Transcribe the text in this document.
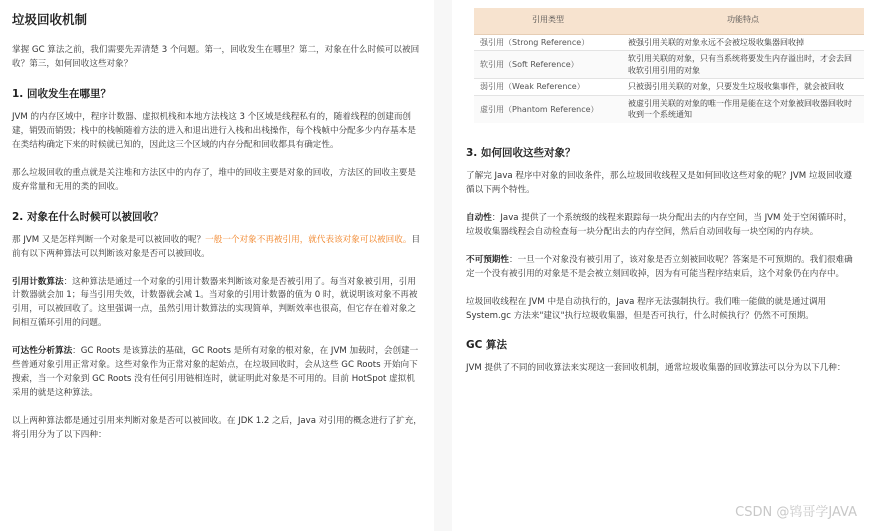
垃圾回收机制

掌握 GC 算法之前，我们需要先弄清楚 3 个问题。第一，回收发生在哪里？第二，对象在什么时候可以被回收？第三，如何回收这些对象？

1. 回收发生在哪里？

JVM 的内存区域中，程序计数器、虚拟机栈和本地方法栈这 3 个区域是线程私有的，随着线程的创建而创建，销毁而销毁；栈中的栈帧随着方法的进入和退出进行入栈和出栈操作，每个栈帧中分配多少内存基本是在类结构确定下来的时候就已知的，因此这三个区域的内存分配和回收都具有确定性。

那么垃圾回收的重点就是关注堆和方法区中的内存了，堆中的回收主要是对象的回收，方法区的回收主要是废弃常量和无用的类的回收。

2. 对象在什么时候可以被回收？

那 JVM 又是怎样判断一个对象是可以被回收的呢？一般一个对象不再被引用，就代表该对象可以被回收。目前有以下两种算法可以判断该对象是否可以被回收。

引用计数算法：这种算法是通过一个对象的引用计数器来判断该对象是否被引用了。每当对象被引用，引用计数器就会加 1；每当引用失效，计数器就会减 1。当对象的引用计数器的值为 0 时，就说明该对象不再被引用，可以被回收了。这里强调一点，虽然引用计数算法的实现简单，判断效率也很高，但它存在着对象之间相互循环引用的问题。

可达性分析算法：GC Roots 是该算法的基础，GC Roots 是所有对象的根对象，在 JVM 加载时，会创建一些普通对象引用正常对象。这些对象作为正常对象的起始点，在垃圾回收时，会从这些 GC Roots 开始向下搜索，当一个对象到 GC Roots 没有任何引用链相连时，就证明此对象是不可用的。目前 HotSpot 虚拟机采用的就是这种算法。

以上两种算法都是通过引用来判断对象是否可以被回收。在 JDK 1.2 之后，Java 对引用的概念进行了扩充，将引用分为了以下四种：

引用类型	功能特点
强引用（Strong Reference）	被强引用关联的对象永远不会被垃圾收集器回收掉
软引用（Soft Reference）	软引用关联的对象，只有当系统将要发生内存溢出时，才会去回收软引用引用的对象
弱引用（Weak Reference）	只被弱引用关联的对象，只要发生垃圾收集事件，就会被回收
虚引用（Phantom Reference）	被虚引用关联的对象的唯一作用是能在这个对象被回收器回收时收到一个系统通知
3. 如何回收这些对象？

了解完 Java 程序中对象的回收条件，那么垃圾回收线程又是如何回收这些对象的呢？JVM 垃圾回收遵循以下两个特性。

自动性：Java 提供了一个系统级的线程来跟踪每一块分配出去的内存空间，当 JVM 处于空闲循环时，垃圾收集器线程会自动检查每一块分配出去的内存空间，然后自动回收每一块空闲的内存块。

不可预期性：一旦一个对象没有被引用了，该对象是否立刻被回收呢？答案是不可预期的。我们很难确定一个没有被引用的对象是不是会被立刻回收掉，因为有可能当程序结束后，这个对象仍在内存中。

垃圾回收线程在 JVM 中是自动执行的，Java 程序无法强制执行。我们唯一能做的就是通过调用 System.gc 方法来"建议"执行垃圾收集器，但是否可执行，什么时候执行？仍然不可预期。

GC 算法

JVM 提供了不同的回收算法来实现这一套回收机制，通常垃圾收集器的回收算法可以分为以下几种：

CSDN @鸨哥学JAVA
